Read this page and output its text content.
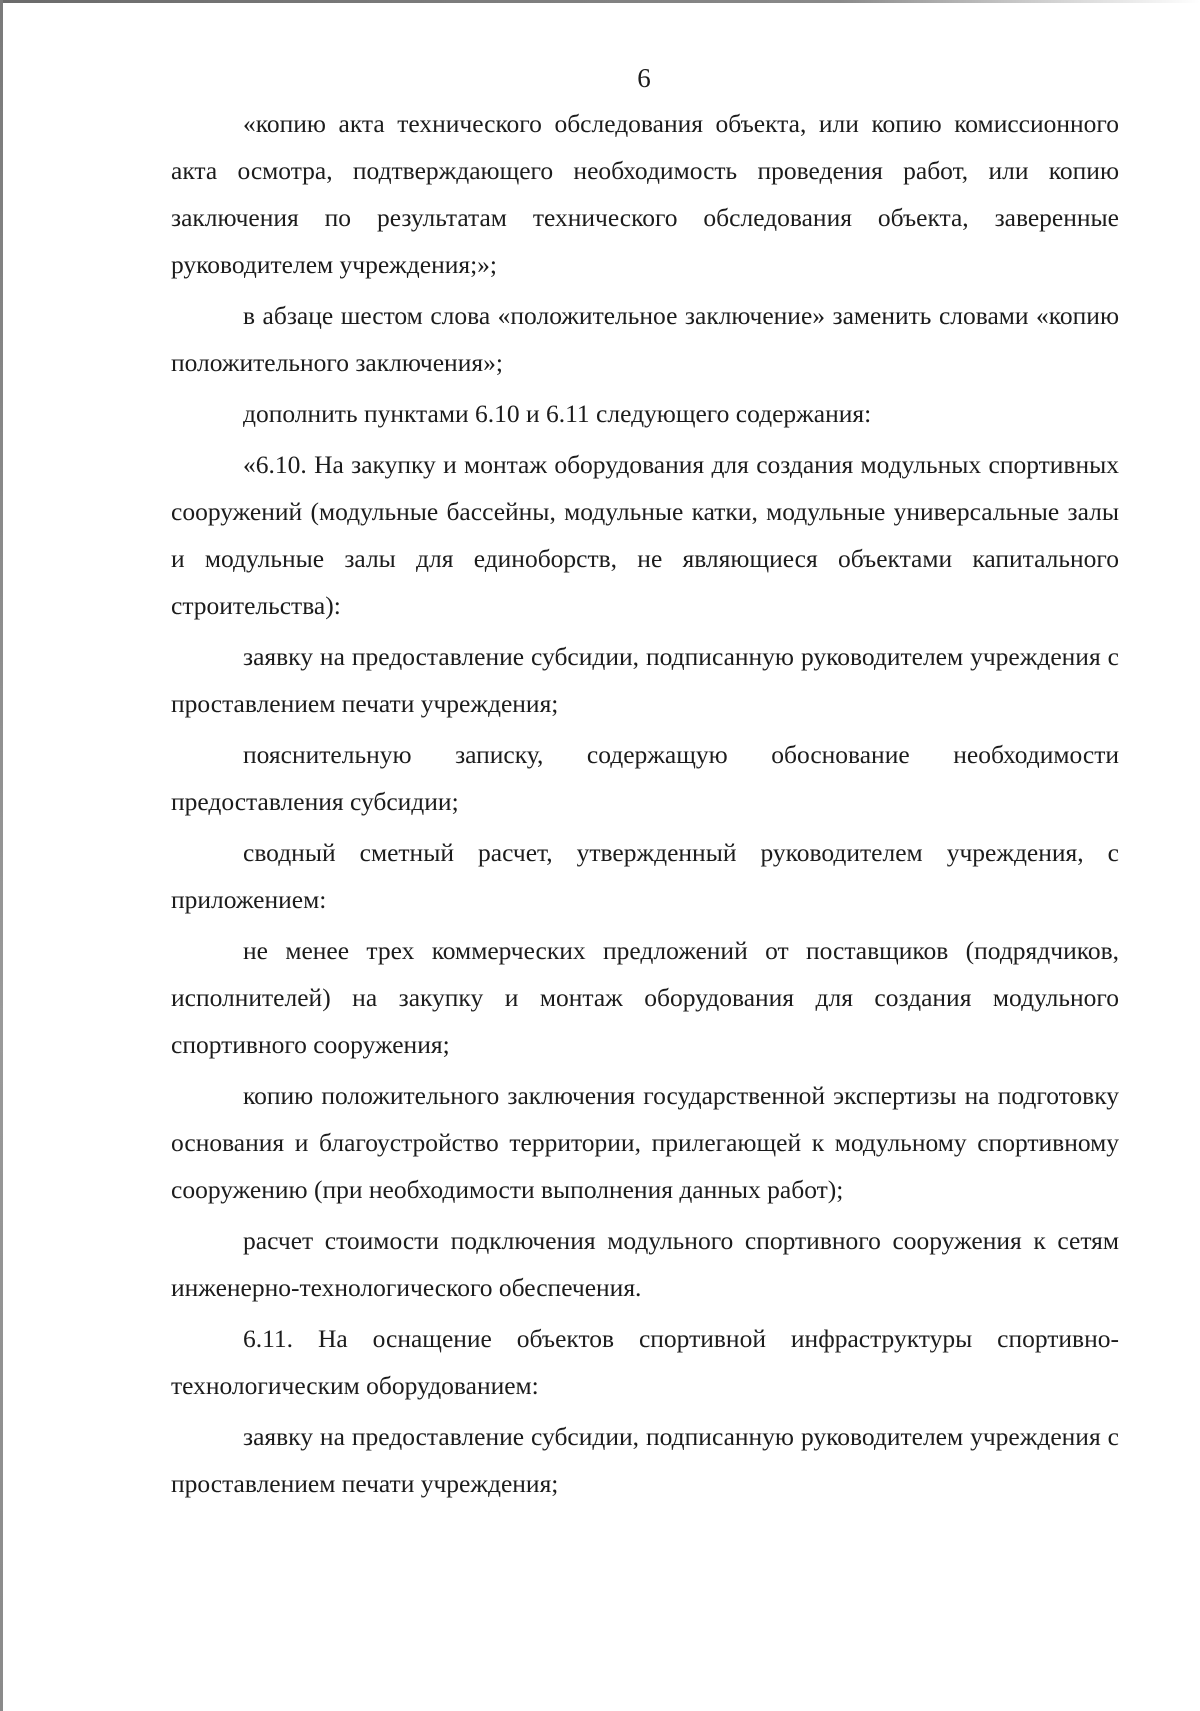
6

«копию акта технического обследования объекта, или копию комиссионного акта осмотра, подтверждающего необходимость проведения работ, или копию заключения по результатам технического обследования объекта, заверенные руководителем учреждения;»;

в абзаце шестом слова «положительное заключение» заменить словами «копию положительного заключения»;

дополнить пунктами 6.10 и 6.11 следующего содержания:

«6.10. На закупку и монтаж оборудования для создания модульных спортивных сооружений (модульные бассейны, модульные катки, модульные универсальные залы и модульные залы для единоборств, не являющиеся объектами капитального строительства):

заявку на предоставление субсидии, подписанную руководителем учреждения с проставлением печати учреждения;

пояснительную записку, содержащую обоснование необходимости предоставления субсидии;

сводный сметный расчет, утвержденный руководителем учреждения, с приложением:

не менее трех коммерческих предложений от поставщиков (подрядчиков, исполнителей) на закупку и монтаж оборудования для создания модульного спортивного сооружения;

копию положительного заключения государственной экспертизы на подготовку основания и благоустройство территории, прилегающей к модульному спортивному сооружению (при необходимости выполнения данных работ);

расчет стоимости подключения модульного спортивного сооружения к сетям инженерно-технологического обеспечения.

6.11. На оснащение объектов спортивной инфраструктуры спортивно-технологическим оборудованием:

заявку на предоставление субсидии, подписанную руководителем учреждения с проставлением печати учреждения;
